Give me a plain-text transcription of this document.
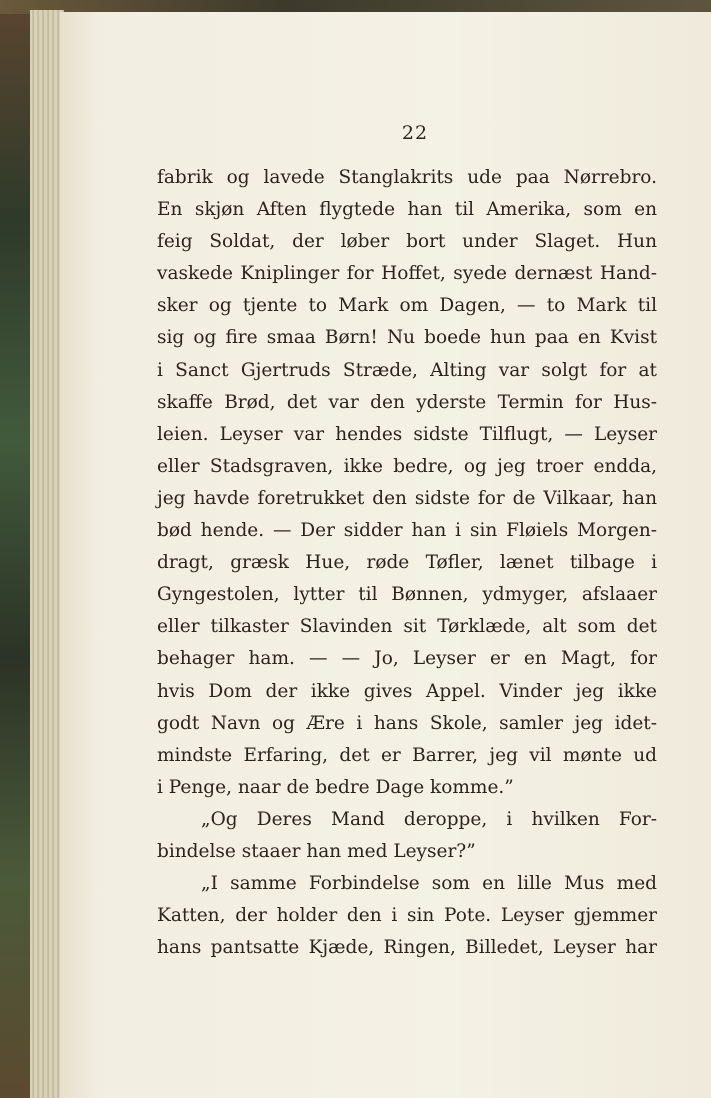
22
fabrik og lavede Stanglakrits ude paa Nørrebro.
En skjøn Aften flygtede han til Amerika, som en
feig Soldat, der løber bort under Slaget. Hun
vaskede Kniplinger for Hoffet, syede dernæst Hand-
sker og tjente to Mark om Dagen, — to Mark til
sig og fire smaa Børn! Nu boede hun paa en Kvist
i Sanct Gjertruds Stræde, Alting var solgt for at
skaffe Brød, det var den yderste Termin for Hus-
leien. Leyser var hendes sidste Tilflugt, — Leyser
eller Stadsgraven, ikke bedre, og jeg troer endda,
jeg havde foretrukket den sidste for de Vilkaar, han
bød hende. — Der sidder han i sin Fløiels Morgen-
dragt, græsk Hue, røde Tøfler, lænet tilbage i
Gyngestolen, lytter til Bønnen, ydmyger, afslaaer
eller tilkaster Slavinden sit Tørklæde, alt som det
behager ham. — — Jo, Leyser er en Magt, for
hvis Dom der ikke gives Appel. Vinder jeg ikke
godt Navn og Ære i hans Skole, samler jeg idet-
mindste Erfaring, det er Barrer, jeg vil mønte ud
i Penge, naar de bedre Dage komme.”
„Og Deres Mand deroppe, i hvilken For-
bindelse staaer han med Leyser?”
„I samme Forbindelse som en lille Mus med
Katten, der holder den i sin Pote. Leyser gjemmer
hans pantsatte Kjæde, Ringen, Billedet, Leyser har
